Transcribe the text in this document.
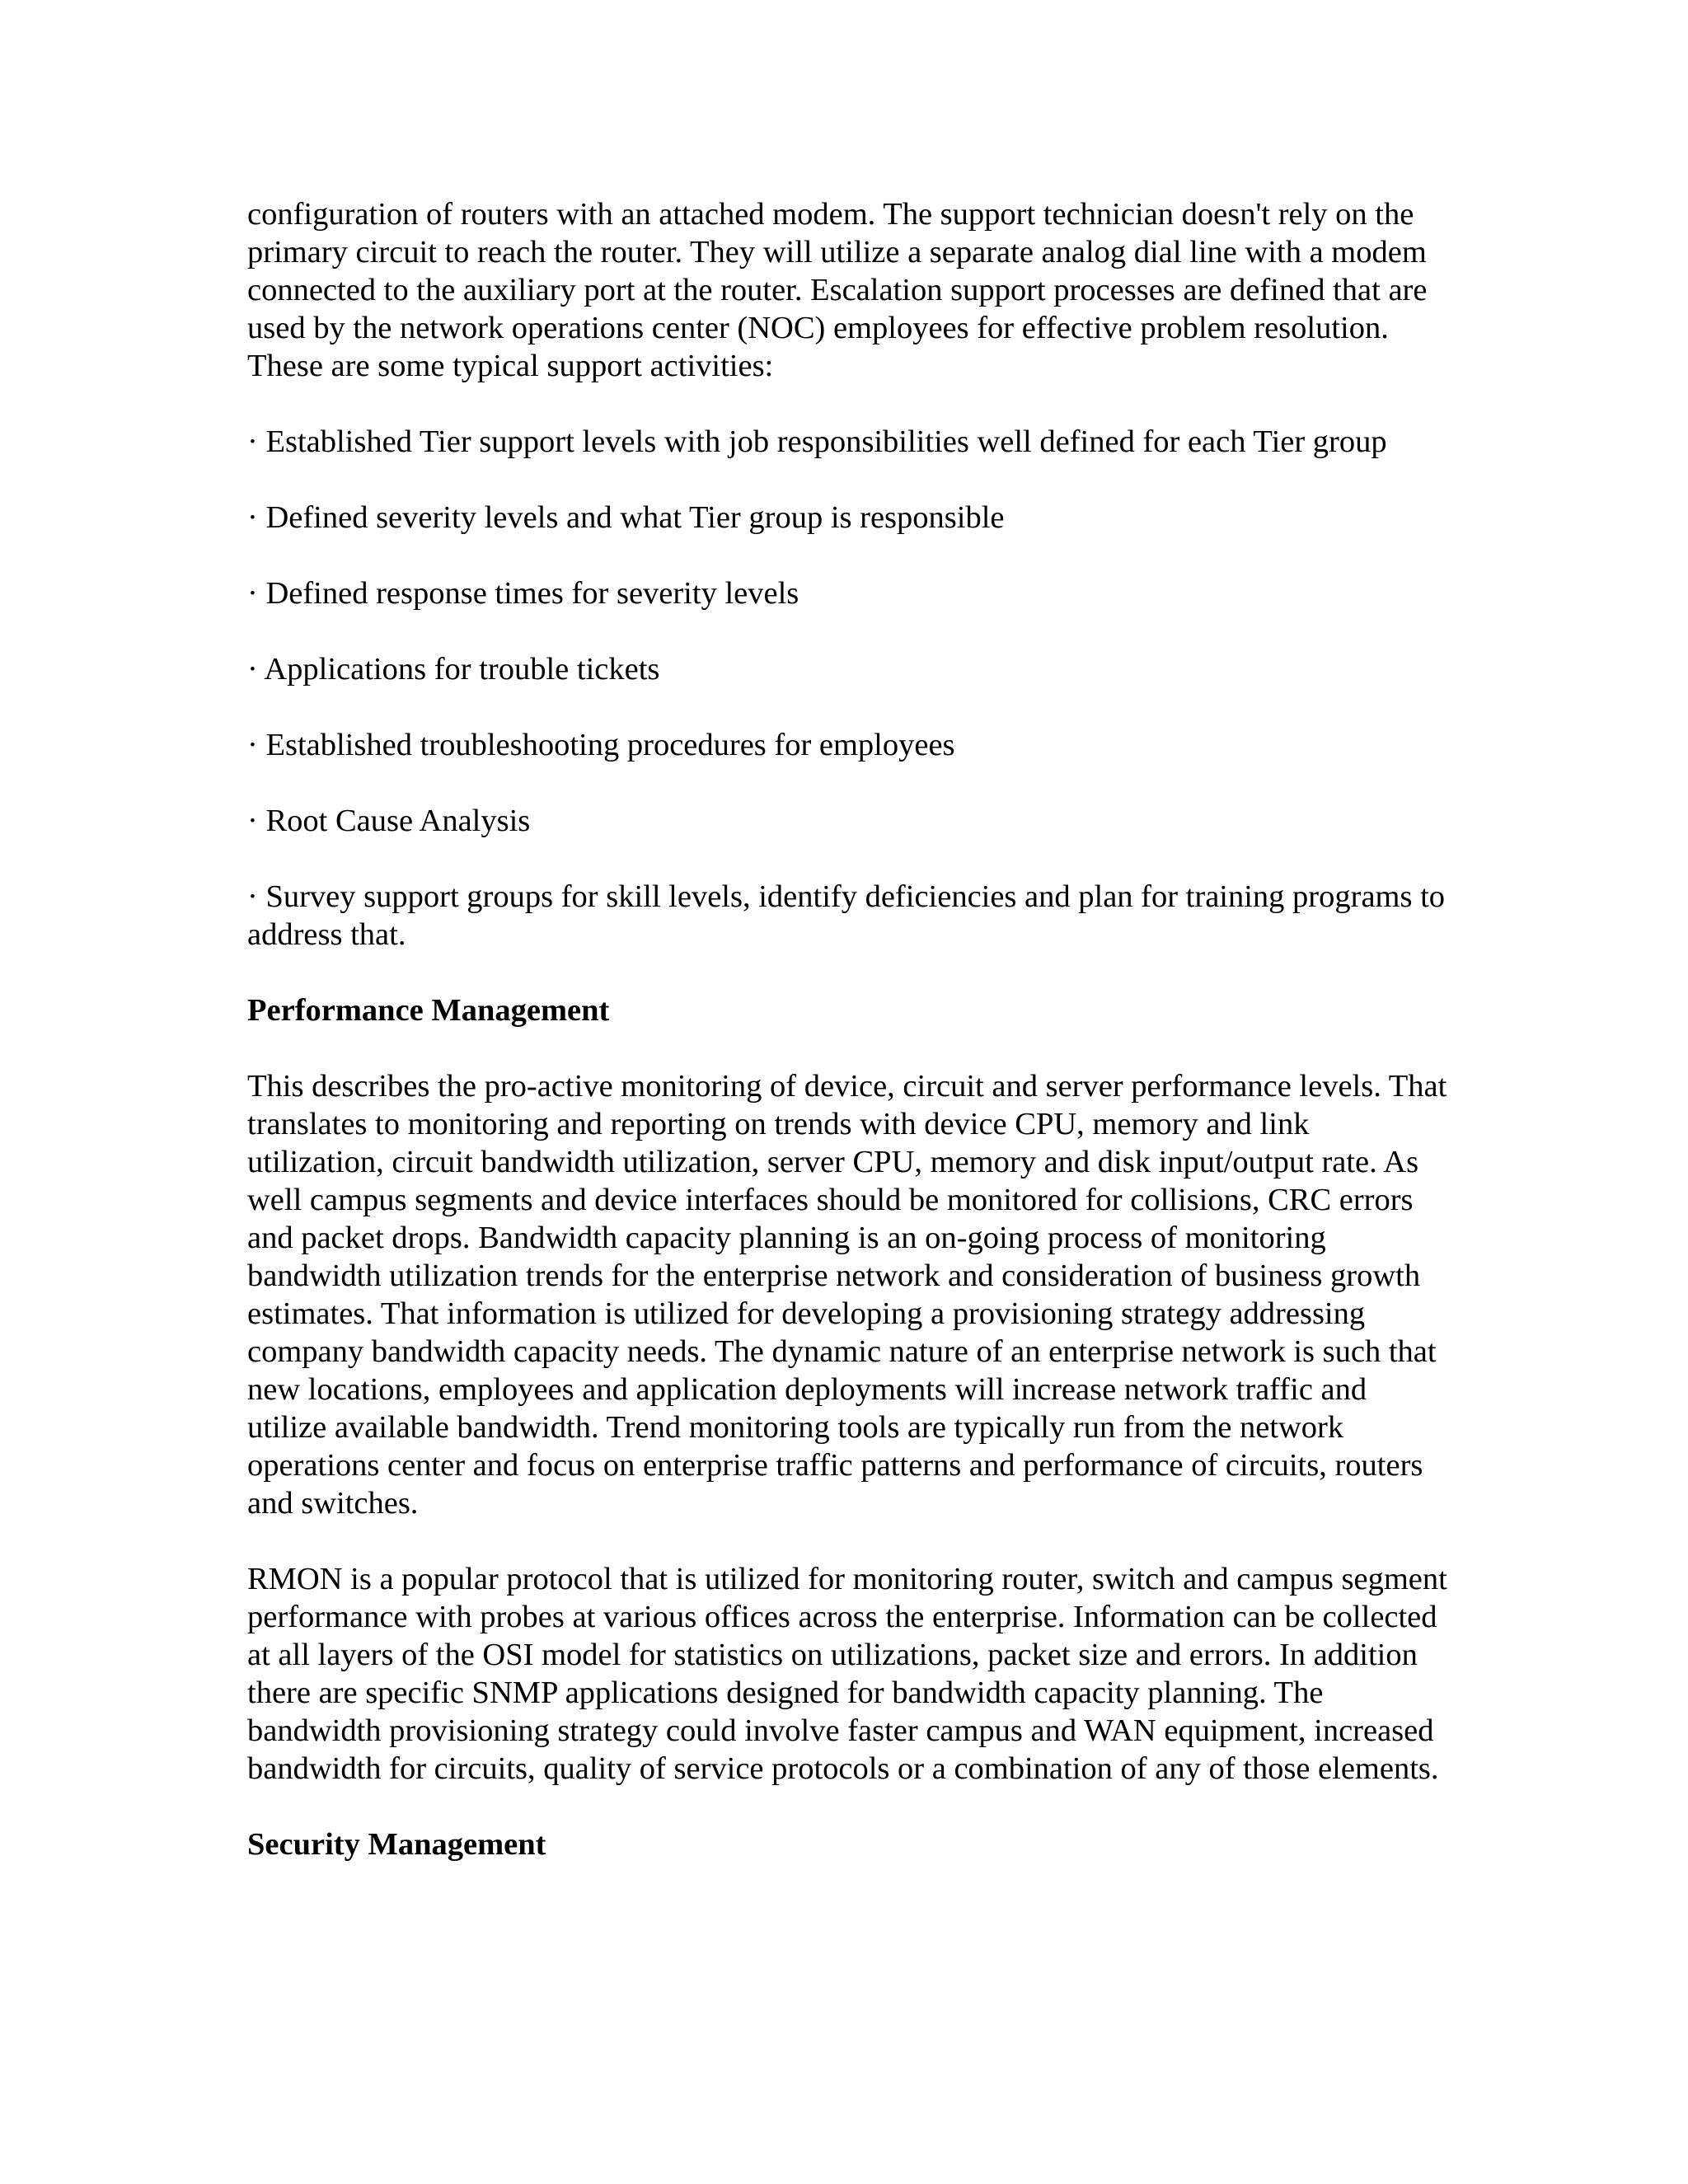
configuration of routers with an attached modem. The support technician doesn't rely on the primary circuit to reach the router. They will utilize a separate analog dial line with a modem connected to the auxiliary port at the router. Escalation support processes are defined that are used by the network operations center (NOC) employees for effective problem resolution. These are some typical support activities:

· Established Tier support levels with job responsibilities well defined for each Tier group

· Defined severity levels and what Tier group is responsible

· Defined response times for severity levels

· Applications for trouble tickets

· Established troubleshooting procedures for employees

· Root Cause Analysis

· Survey support groups for skill levels, identify deficiencies and plan for training programs to address that.

Performance Management

This describes the pro-active monitoring of device, circuit and server performance levels. That translates to monitoring and reporting on trends with device CPU, memory and link utilization, circuit bandwidth utilization, server CPU, memory and disk input/output rate. As well campus segments and device interfaces should be monitored for collisions, CRC errors and packet drops. Bandwidth capacity planning is an on-going process of monitoring bandwidth utilization trends for the enterprise network and consideration of business growth estimates. That information is utilized for developing a provisioning strategy addressing company bandwidth capacity needs. The dynamic nature of an enterprise network is such that new locations, employees and application deployments will increase network traffic and utilize available bandwidth. Trend monitoring tools are typically run from the network operations center and focus on enterprise traffic patterns and performance of circuits, routers and switches.

RMON is a popular protocol that is utilized for monitoring router, switch and campus segment performance with probes at various offices across the enterprise. Information can be collected at all layers of the OSI model for statistics on utilizations, packet size and errors. In addition there are specific SNMP applications designed for bandwidth capacity planning. The bandwidth provisioning strategy could involve faster campus and WAN equipment, increased bandwidth for circuits, quality of service protocols or a combination of any of those elements.

Security Management
